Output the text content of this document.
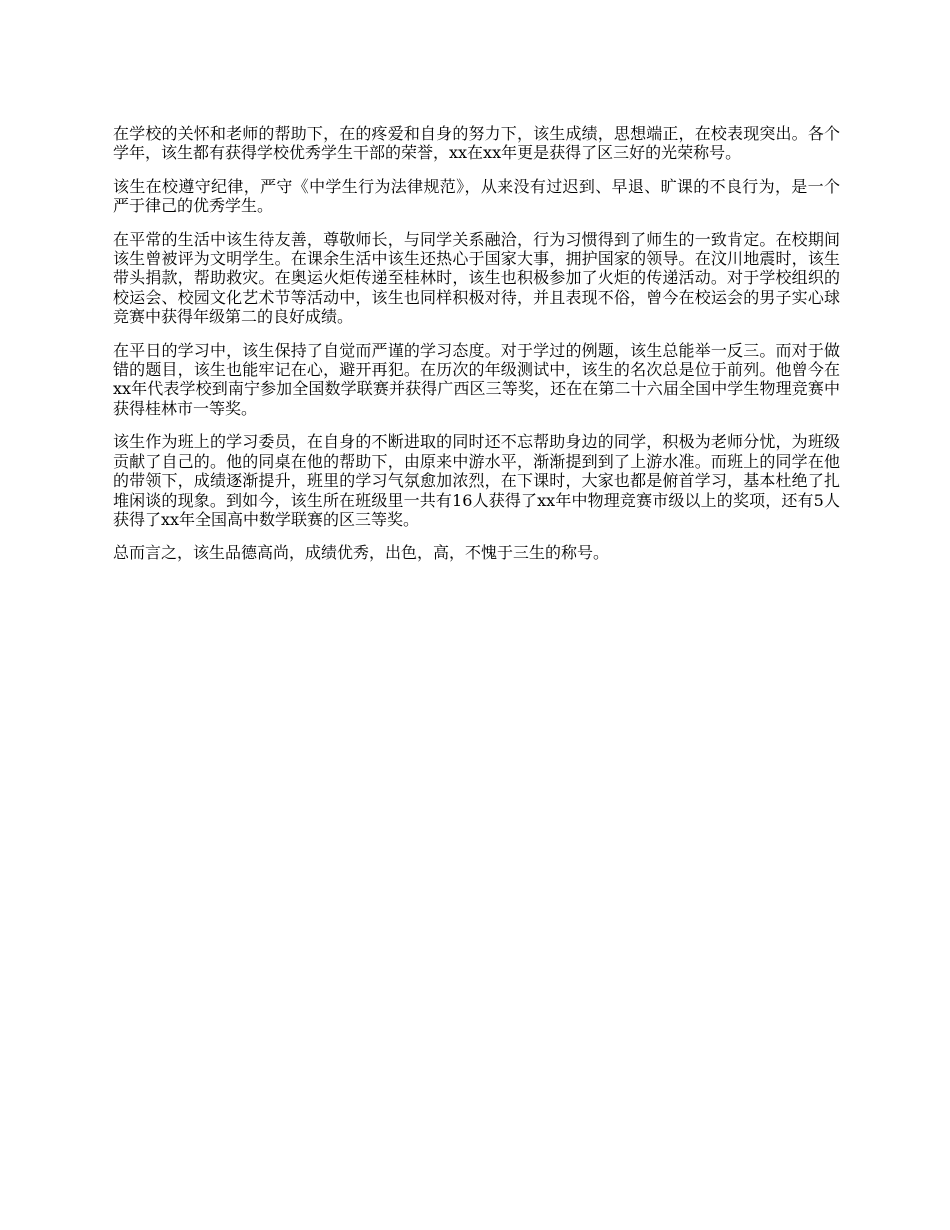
在学校的关怀和老师的帮助下，在的疼爱和自身的努力下，该生成绩，思想端正，在校表现突出。各个学年，该生都有获得学校优秀学生干部的荣誉，xx在xx年更是获得了区三好的光荣称号。

该生在校遵守纪律，严守《中学生行为法律规范》，从来没有过迟到、早退、旷课的不良行为，是一个严于律己的优秀学生。

在平常的生活中该生待友善，尊敬师长，与同学关系融洽，行为习惯得到了师生的一致肯定。在校期间该生曾被评为文明学生。在课余生活中该生还热心于国家大事，拥护国家的领导。在汶川地震时，该生带头捐款，帮助救灾。在奥运火炬传递至桂林时，该生也积极参加了火炬的传递活动。对于学校组织的校运会、校园文化艺术节等活动中，该生也同样积极对待，并且表现不俗，曾今在校运会的男子实心球竞赛中获得年级第二的良好成绩。

在平日的学习中，该生保持了自觉而严谨的学习态度。对于学过的例题，该生总能举一反三。而对于做错的题目，该生也能牢记在心，避开再犯。在历次的年级测试中，该生的名次总是位于前列。他曾今在xx年代表学校到南宁参加全国数学联赛并获得广西区三等奖，还在在第二十六届全国中学生物理竞赛中获得桂林市一等奖。

该生作为班上的学习委员，在自身的不断进取的同时还不忘帮助身边的同学，积极为老师分忧，为班级贡献了自己的。他的同桌在他的帮助下，由原来中游水平，渐渐提到到了上游水准。而班上的同学在他的带领下，成绩逐渐提升，班里的学习气氛愈加浓烈，在下课时，大家也都是俯首学习，基本杜绝了扎堆闲谈的现象。到如今，该生所在班级里一共有16人获得了xx年中物理竞赛市级以上的奖项，还有5人获得了xx年全国高中数学联赛的区三等奖。

总而言之，该生品德高尚，成绩优秀，出色，高，不愧于三生的称号。
